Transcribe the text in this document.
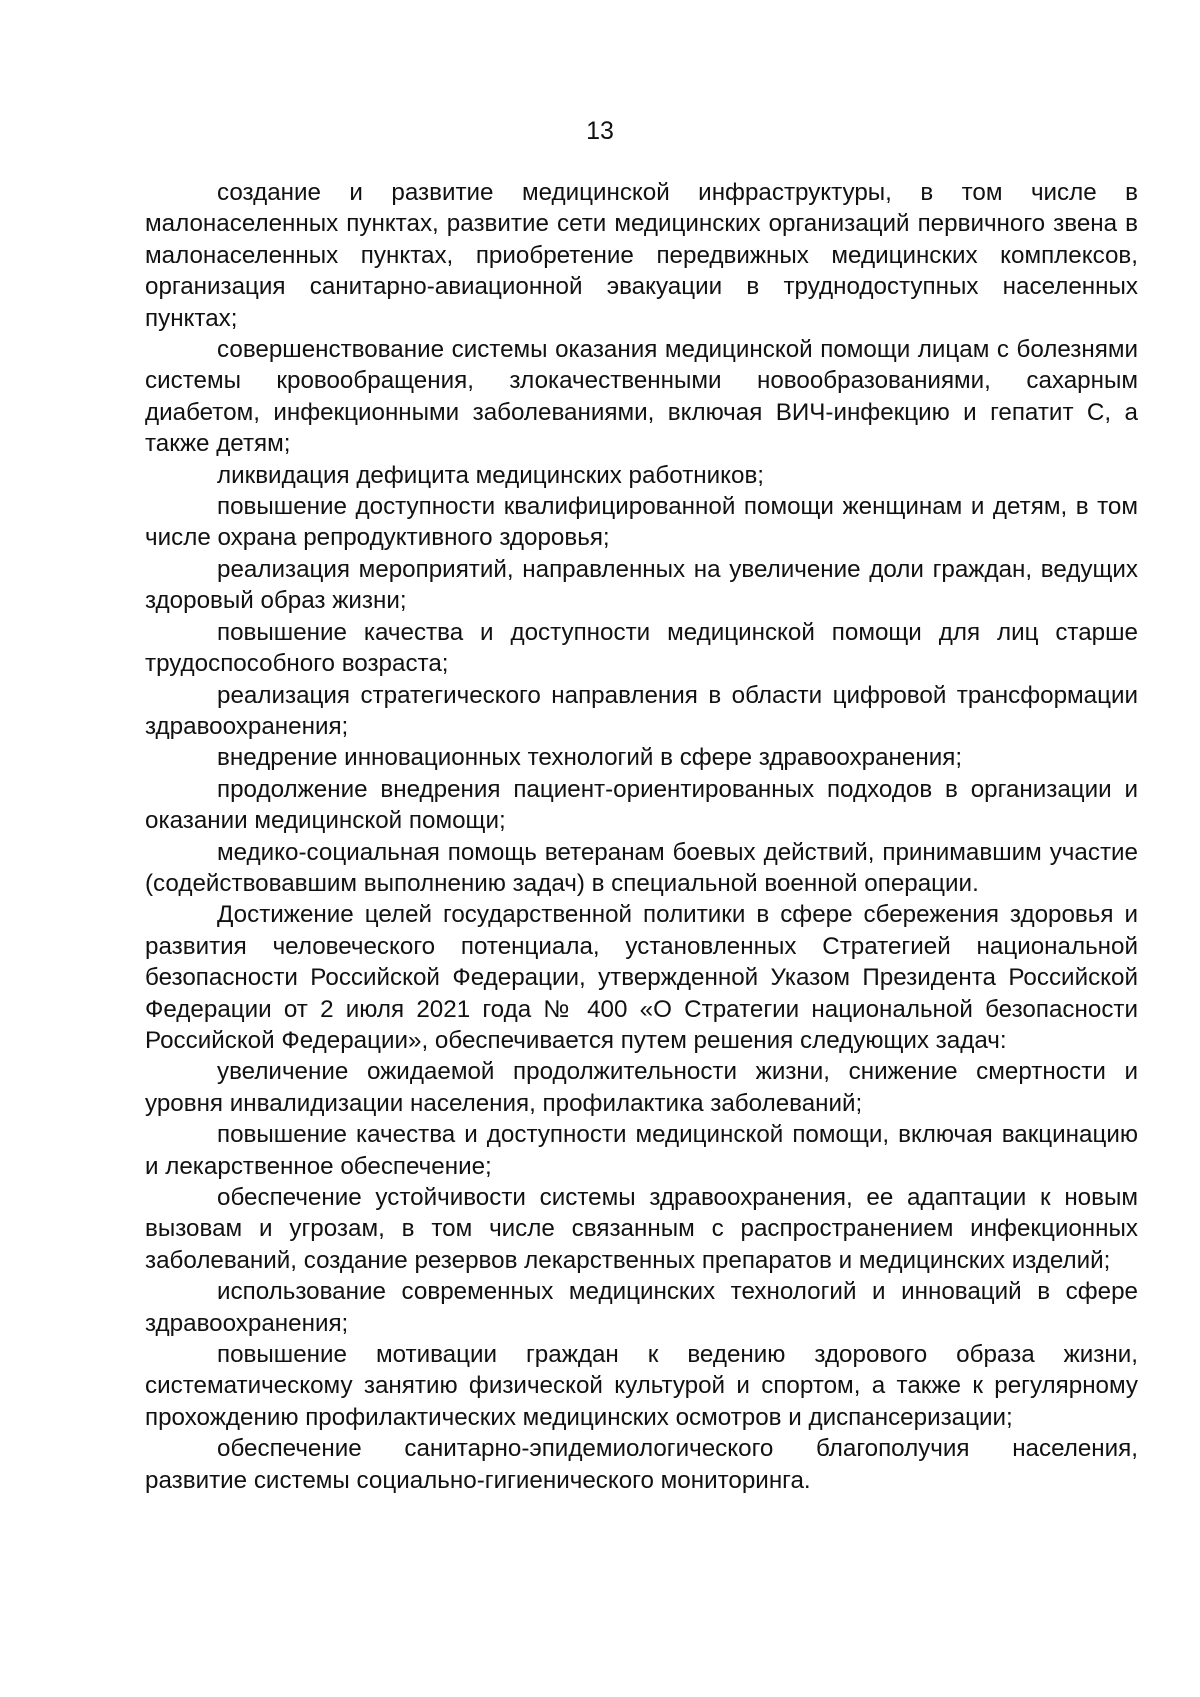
13

создание и развитие медицинской инфраструктуры, в том числе в малонаселенных пунктах, развитие сети медицинских организаций первичного звена в малонаселенных пунктах, приобретение передвижных медицинских комплексов, организация санитарно-авиационной эвакуации в труднодоступных населенных пунктах;

совершенствование системы оказания медицинской помощи лицам с болезнями системы кровообращения, злокачественными новообразованиями, сахарным диабетом, инфекционными заболеваниями, включая ВИЧ-инфекцию и гепатит С, а также детям;

ликвидация дефицита медицинских работников;

повышение доступности квалифицированной помощи женщинам и детям, в том числе охрана репродуктивного здоровья;

реализация мероприятий, направленных на увеличение доли граждан, ведущих здоровый образ жизни;

повышение качества и доступности медицинской помощи для лиц старше трудоспособного возраста;

реализация стратегического направления в области цифровой трансформации здравоохранения;

внедрение инновационных технологий в сфере здравоохранения;

продолжение внедрения пациент-ориентированных подходов в организации и оказании медицинской помощи;

медико-социальная помощь ветеранам боевых действий, принимавшим участие (содействовавшим выполнению задач) в специальной военной операции.

Достижение целей государственной политики в сфере сбережения здоровья и развития человеческого потенциала, установленных Стратегией национальной безопасности Российской Федерации, утвержденной Указом Президента Российской Федерации от 2 июля 2021 года № 400 «О Стратегии национальной безопасности Российской Федерации», обеспечивается путем решения следующих задач:

увеличение ожидаемой продолжительности жизни, снижение смертности и уровня инвалидизации населения, профилактика заболеваний;

повышение качества и доступности медицинской помощи, включая вакцинацию и лекарственное обеспечение;

обеспечение устойчивости системы здравоохранения, ее адаптации к новым вызовам и угрозам, в том числе связанным с распространением инфекционных заболеваний, создание резервов лекарственных препаратов и медицинских изделий;

использование современных медицинских технологий и инноваций в сфере здравоохранения;

повышение мотивации граждан к ведению здорового образа жизни, систематическому занятию физической культурой и спортом, а также к регулярному прохождению профилактических медицинских осмотров и диспансеризации;

обеспечение санитарно-эпидемиологического благополучия населения, развитие системы социально-гигиенического мониторинга.
